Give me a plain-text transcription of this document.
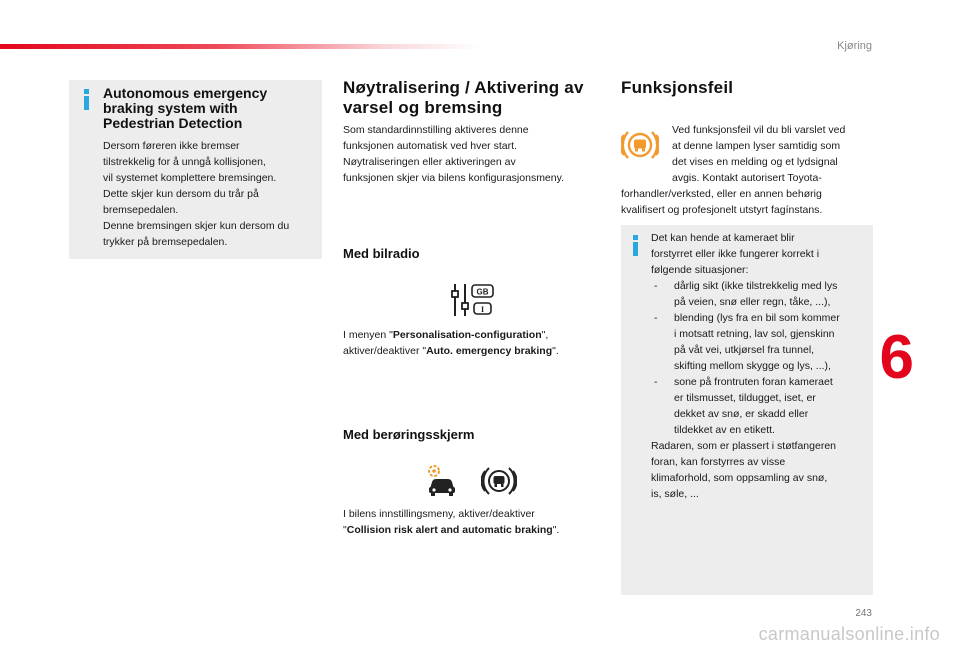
Kjøring
Autonomous emergency braking system with Pedestrian Detection

Dersom føreren ikke bremser

tilstrekkelig for å unngå kollisjonen,

vil systemet komplettere bremsingen.

Dette skjer kun dersom du trår på

bremsepedalen.

Denne bremsingen skjer kun dersom du

trykker på bremsepedalen.

Nøytralisering / Aktivering av varsel og bremsing

Som standardinnstilling aktiveres denne

funksjonen automatisk ved hver start.

Nøytraliseringen eller aktiveringen av

funksjonen skjer via bilens konfigurasjonsmeny.

Med bilradio
GB
I

I menyen "Personalisation-configuration",

aktiver/deaktiver "Auto. emergency braking".

Med berøringsskjerm

I bilens innstillingsmeny, aktiver/deaktiver

"Collision risk alert and automatic braking".

Funksjonsfeil

Ved funksjonsfeil vil du bli varslet ved

at denne lampen lyser samtidig som

det vises en melding og et lydsignal

avgis. Kontakt autorisert Toyota-

forhandler/verksted, eller en annen behørig

kvalifisert og profesjonelt utstyrt fagínstans.

Det kan hende at kameraet blir

forstyrret eller ikke fungerer korrekt i

følgende situasjoner:

- dårlig sikt (ikke tilstrekkelig med lys

på veien, snø eller regn, tåke, ...),

- blending (lys fra en bil som kommer

i motsatt retning, lav sol, gjenskinn

på våt vei, utkjørsel fra tunnel,

skifting mellom skygge og lys, ...),

- sone på frontruten foran kameraet

er tilsmusset, tildugget, iset, er

dekket av snø, er skadd eller

tildekket av en etikett.

Radaren, som er plassert i støtfangeren

foran, kan forstyrres av visse

klimaforhold, som oppsamling av snø,

is, søle, ...

6
243
carmanualsonline.info
